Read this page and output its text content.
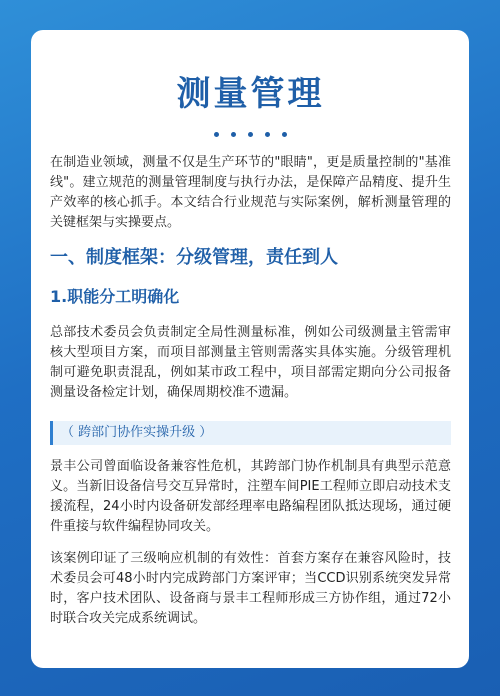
测量管理

在制造业领域，测量不仅是生产环节的"眼睛"，更是质量控制的"基准线"。建立规范的测量管理制度与执行办法，是保障产品精度、提升生产效率的核心抓手。本文结合行业规范与实际案例，解析测量管理的关键框架与实操要点。

一、制度框架：分级管理，责任到人
1.职能分工明确化

总部技术委员会负责制定全局性测量标准，例如公司级测量主管需审核大型项目方案，而项目部测量主管则需落实具体实施。分级管理机制可避免职责混乱，例如某市政工程中，项目部需定期向分公司报备测量设备检定计划，确保周期校准不遗漏。

（ 跨部门协作实操升级 ）

景丰公司曾面临设备兼容性危机，其跨部门协作机制具有典型示范意义。当新旧设备信号交互异常时，注塑车间PIE工程师立即启动技术支援流程，24小时内设备研发部经理率电路编程团队抵达现场，通过硬件重接与软件编程协同攻关。

该案例印证了三级响应机制的有效性：首套方案存在兼容风险时，技术委员会可48小时内完成跨部门方案评审；当CCD识别系统突发异常时，客户技术团队、设备商与景丰工程师形成三方协作组，通过72小时联合攻关完成系统调试。
